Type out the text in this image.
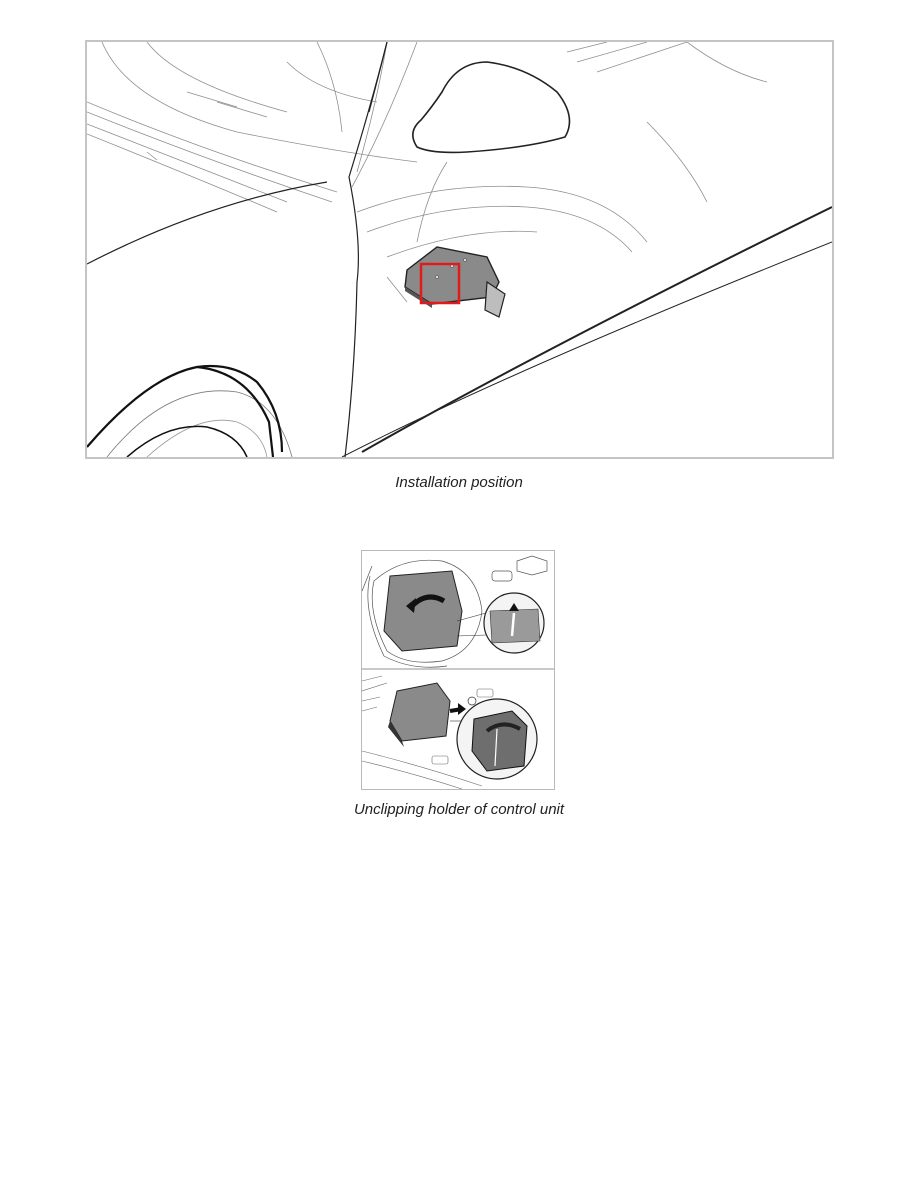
Installation position
Unclipping holder of control unit
